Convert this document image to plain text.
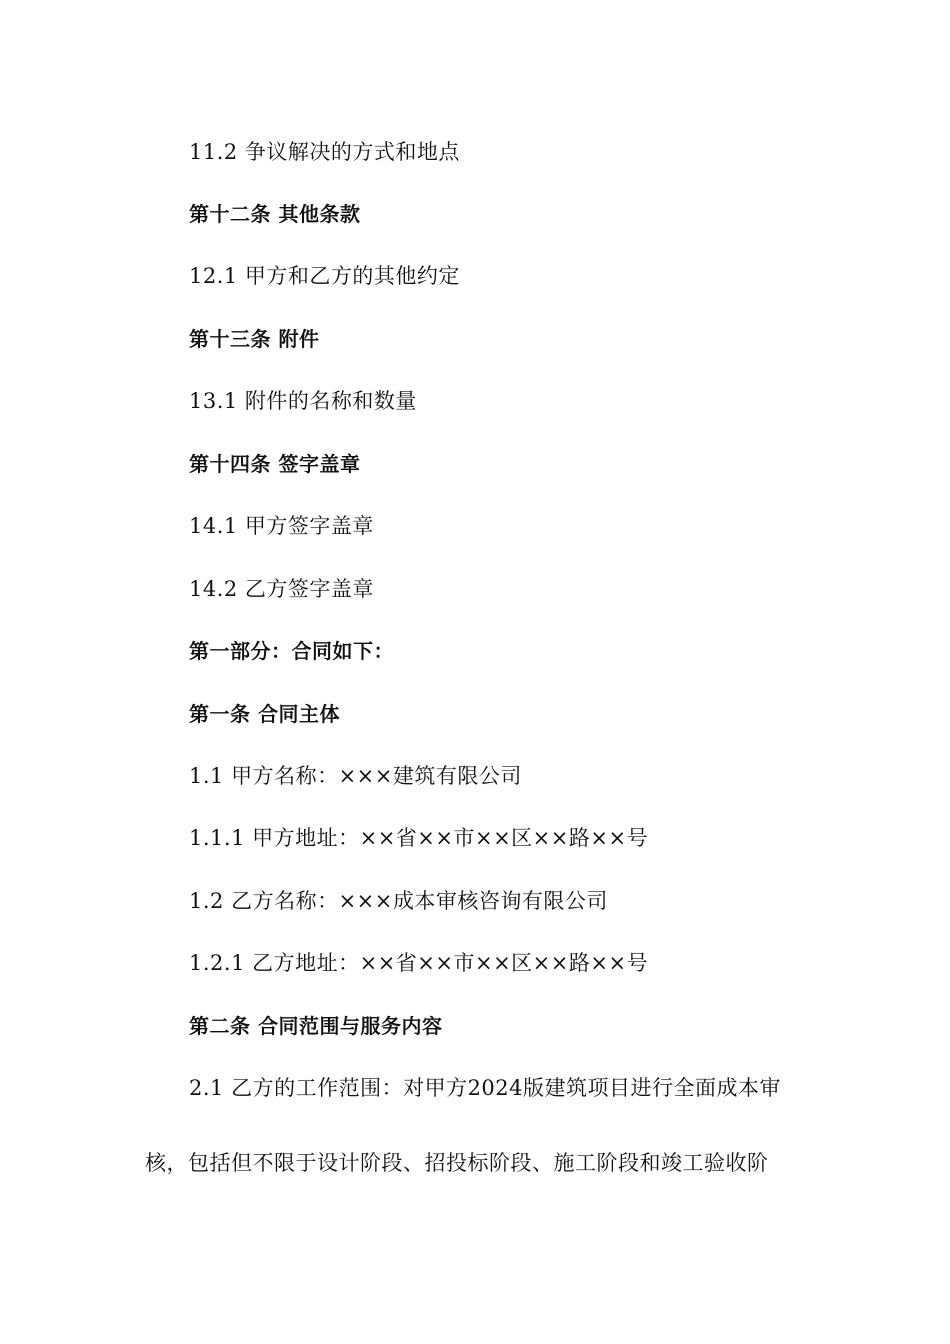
11.2 争议解决的方式和地点
第十二条 其他条款
12.1 甲方和乙方的其他约定
第十三条 附件
13.1 附件的名称和数量
第十四条 签字盖章
14.1 甲方签字盖章
14.2 乙方签字盖章
第一部分：合同如下：
第一条 合同主体
1.1 甲方名称：×××建筑有限公司
1.1.1 甲方地址：××省××市××区××路××号
1.2 乙方名称：×××成本审核咨询有限公司
1.2.1 乙方地址：××省××市××区××路××号
第二条 合同范围与服务内容
2.1 乙方的工作范围：对甲方2024版建筑项目进行全面成本审
核，包括但不限于设计阶段、招投标阶段、施工阶段和竣工验收阶
